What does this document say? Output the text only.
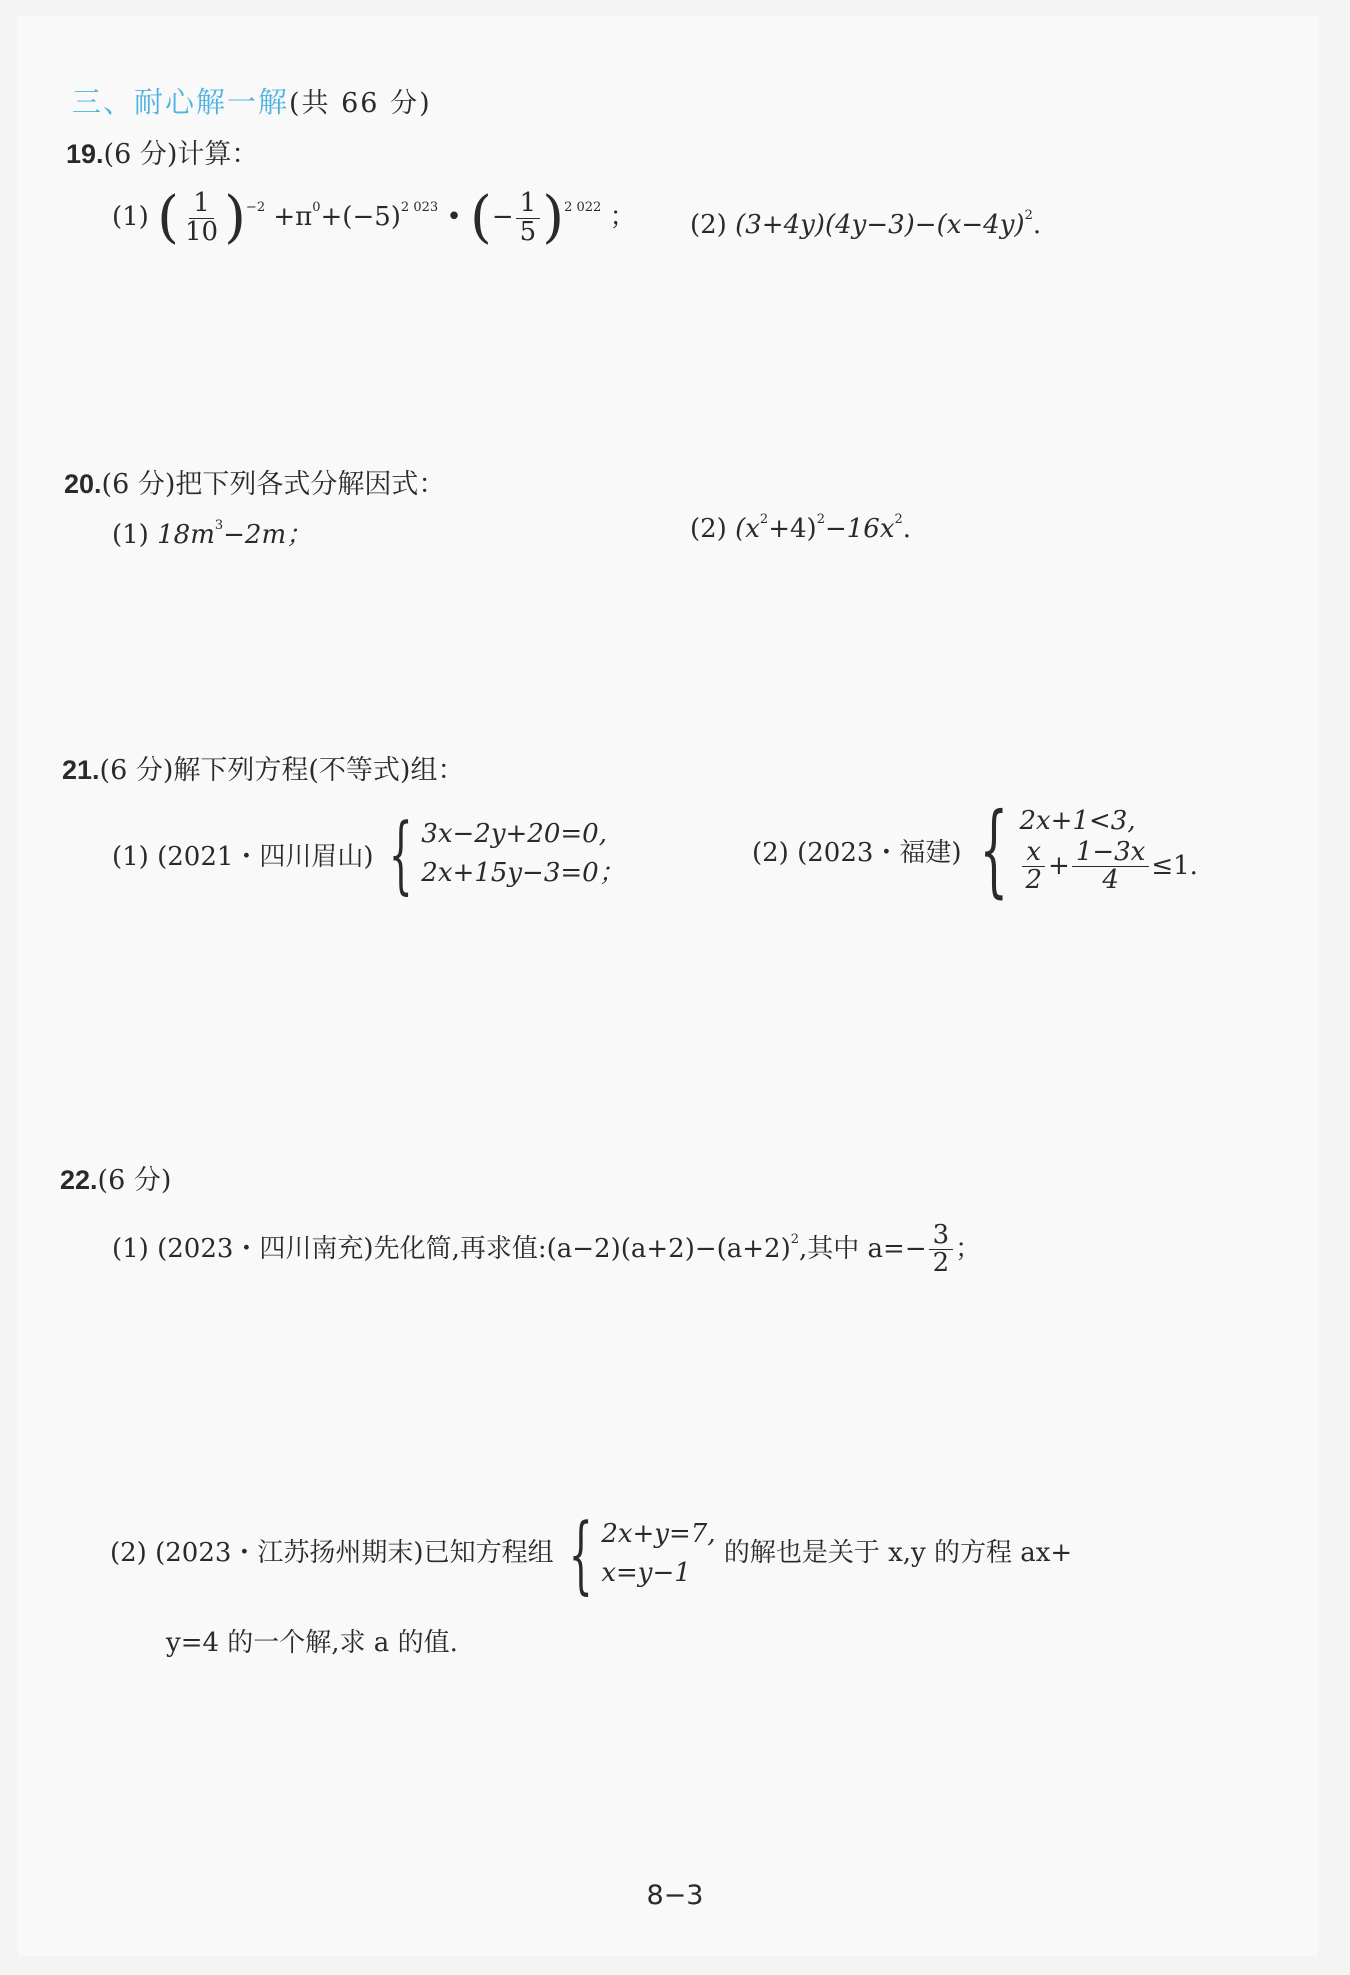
三、耐心解一解(共 66 分)
19.(6 分)计算：
(1) ( $\frac{1}{10} )^{-2} +\pi^0+(-5)^{2 023}$ • (− $\frac{1}{5} )^{2 022}$ ； (2) $(3+4y)(4y-3)-(x-4y)^2$.
20.(6 分)把下列各式分解因式：
(1) $18m^3-2m$；	(2) $(x^2+4)^2-16x^2$.
21.(6 分)解下列方程(不等式)组：
(1) (2021・四川眉山) { 3x−2y+20=0,
2x+15y−3=0；
(2) (2023・福建) { 2x+1<3,
$\frac{x}{2} + \frac{1-3x}{4} \le 1$.
22.(6 分)
(1) (2023・四川南充)先化简,再求值$:(a-2)(a+2)-(a+2)^2$,其中 $a=- \frac{3}{2}$ ；
(2) (2023・江苏扬州期末)已知方程组 { 2x+y=7,
x=y−1
的解也是关于 x,y 的方程 ax+
y=4 的一个解,求 a 的值.
8−3
